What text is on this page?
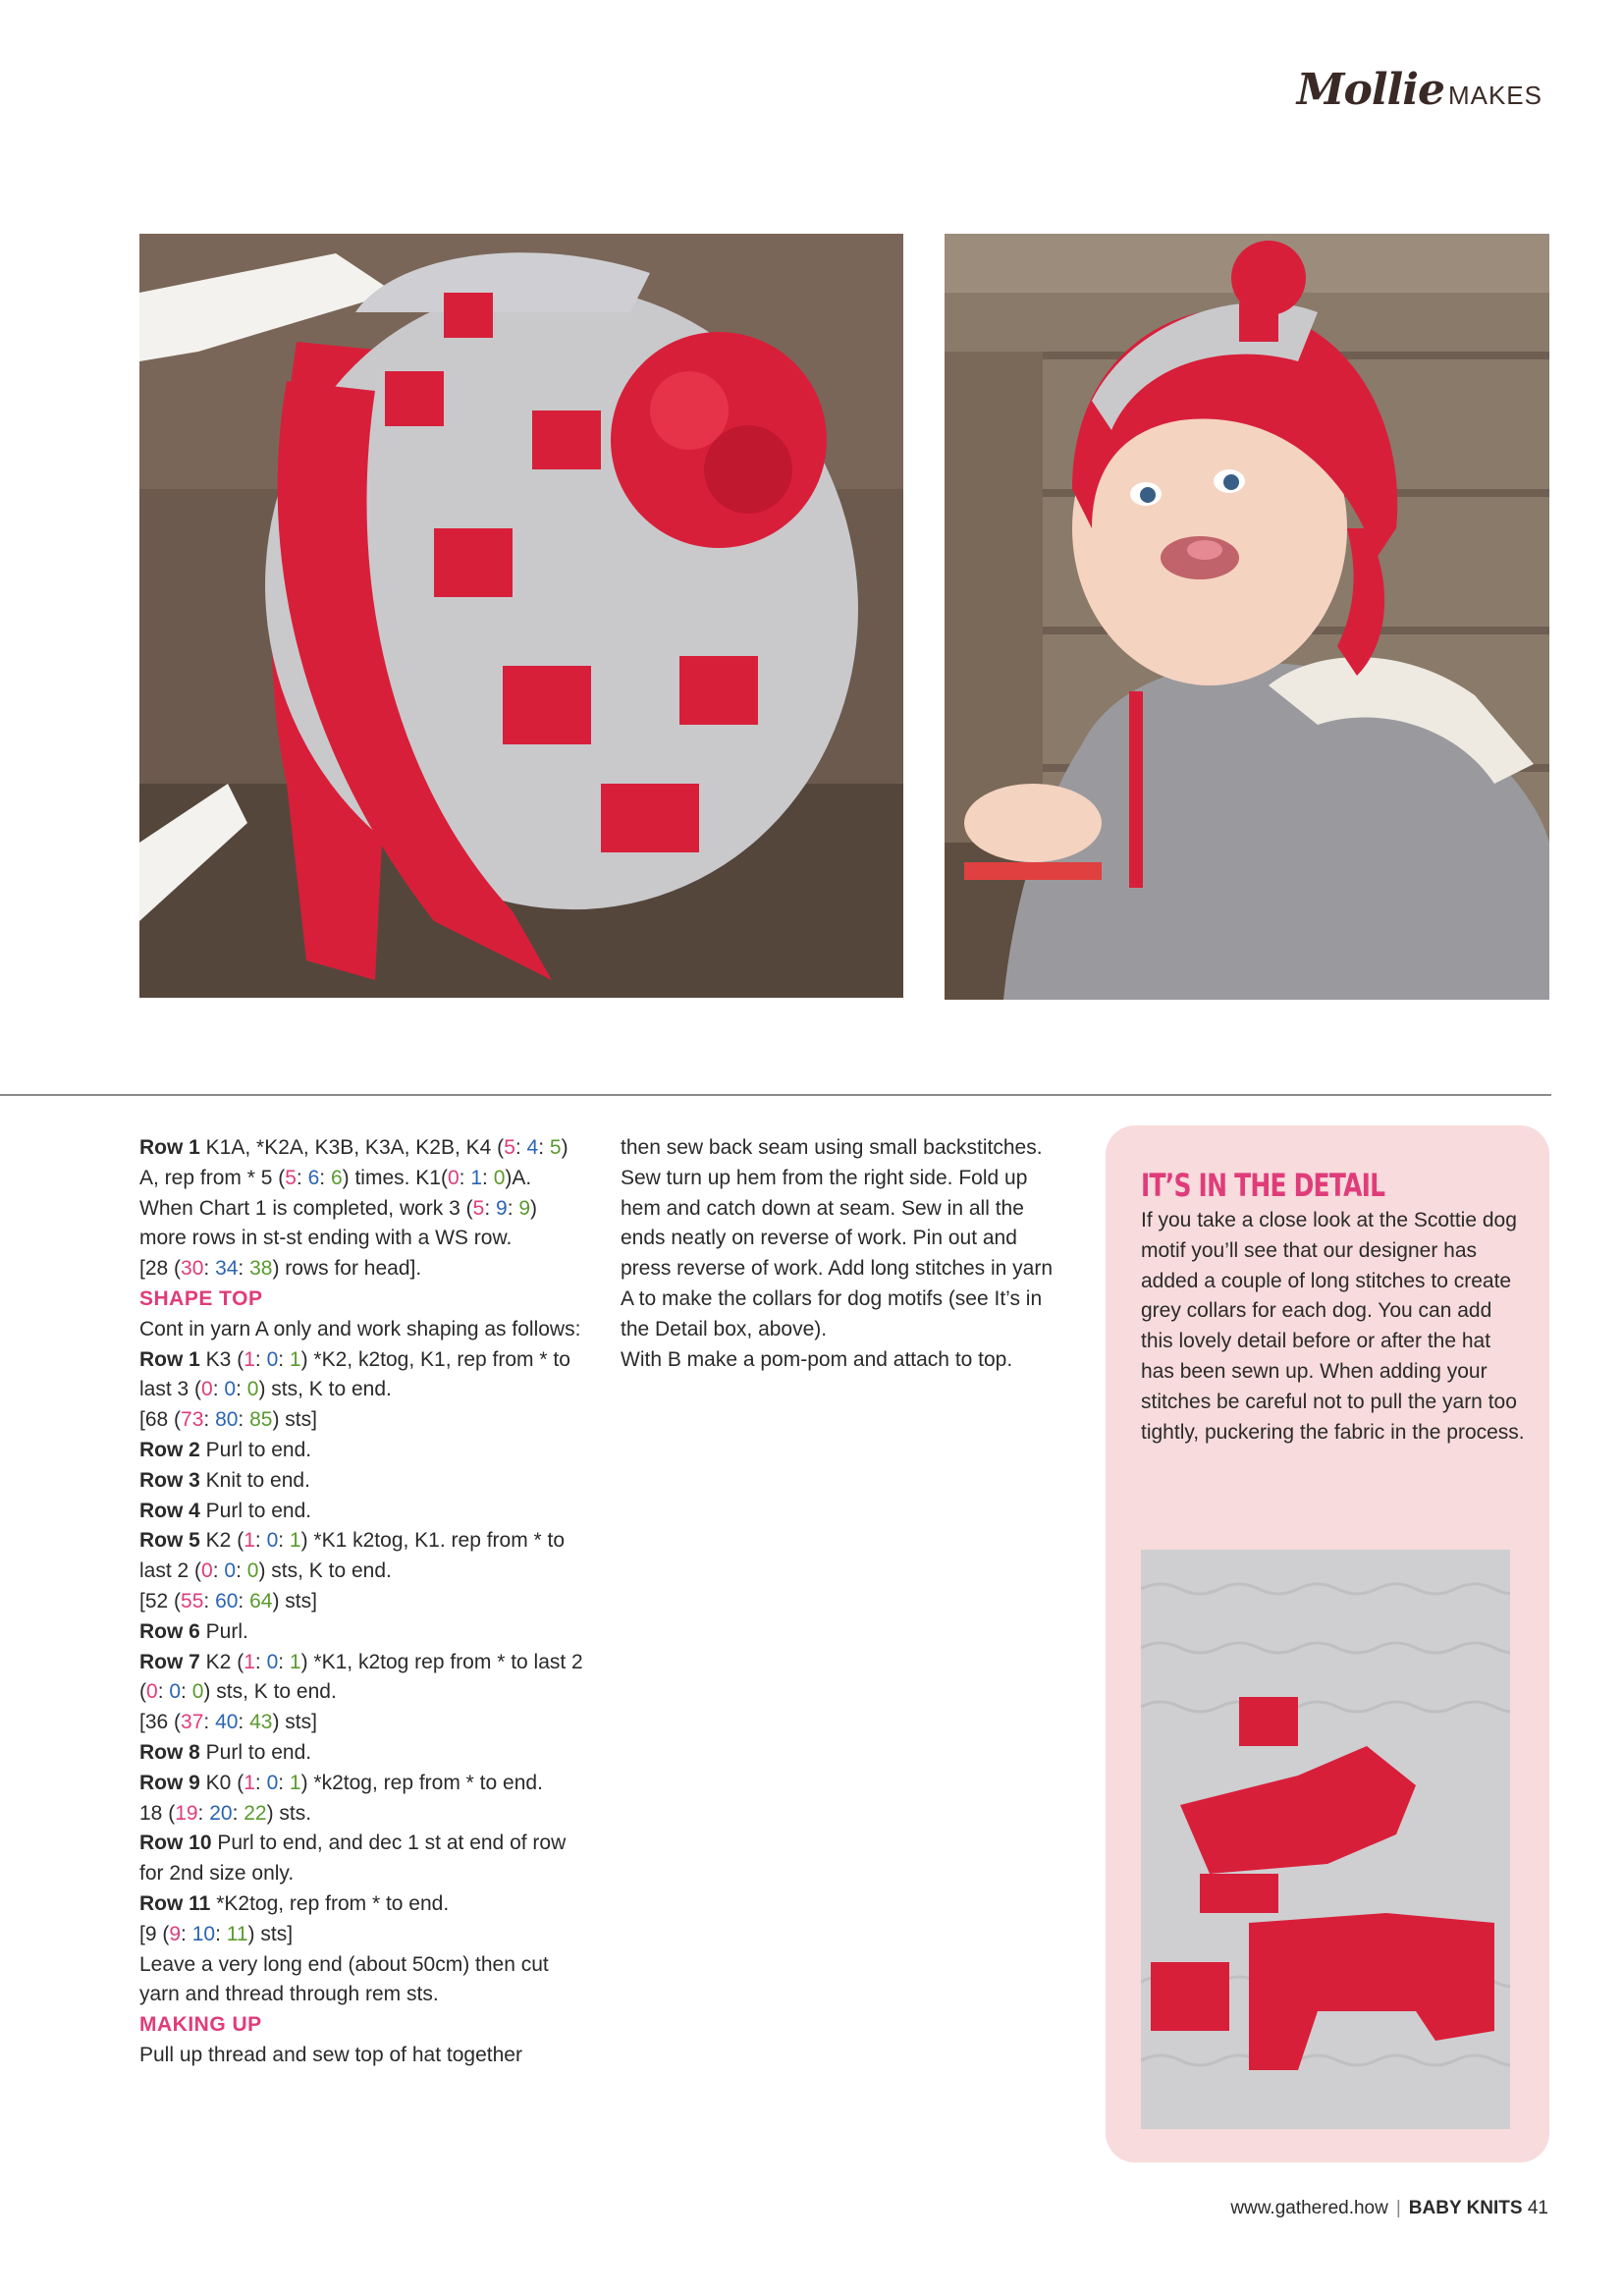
Mollie MAKES

Row 1 K1A, *K2A, K3B, K3A, K2B, K4 (5: 4: 5) A, rep from * 5 (5: 6: 6) times. K1(0: 1: 0)A.

When Chart 1 is completed, work 3 (5: 9: 9) more rows in st-st ending with a WS row.

[28 (30: 34: 38) rows for head].

SHAPE TOP

Cont in yarn A only and work shaping as follows:

Row 1 K3 (1: 0: 1) *K2, k2tog, K1, rep from * to last 3 (0: 0: 0) sts, K to end.

[68 (73: 80: 85) sts]

Row 2 Purl to end.

Row 3 Knit to end.

Row 4 Purl to end.

Row 5 K2 (1: 0: 1) *K1 k2tog, K1. rep from * to last 2 (0: 0: 0) sts, K to end.

[52 (55: 60: 64) sts]

Row 6 Purl.

Row 7 K2 (1: 0: 1) *K1, k2tog rep from * to last 2 (0: 0: 0) sts, K to end.

[36 (37: 40: 43) sts]

Row 8 Purl to end.

Row 9 K0 (1: 0: 1) *k2tog, rep from * to end.

18 (19: 20: 22) sts.

Row 10 Purl to end, and dec 1 st at end of row for 2nd size only.

Row 11 *K2tog, rep from * to end.

[9 (9: 10: 11) sts]

Leave a very long end (about 50cm) then cut yarn and thread through rem sts.

MAKING UP

Pull up thread and sew top of hat together

then sew back seam using small backstitches. Sew turn up hem from the right side. Fold up hem and catch down at seam. Sew in all the ends neatly on reverse of work. Pin out and press reverse of work. Add long stitches in yarn A to make the collars for dog motifs (see It’s in the Detail box, above).

With B make a pom-pom and attach to top.

IT’S IN THE DETAIL
If you take a close look at the Scottie dog motif you’ll see that our designer has added a couple of long stitches to create grey collars for each dog. You can add this lovely detail before or after the hat has been sewn up. When adding your stitches be careful not to pull the yarn too tightly, puckering the fabric in the process.
www.gathered.how | BABY KNITS 41
